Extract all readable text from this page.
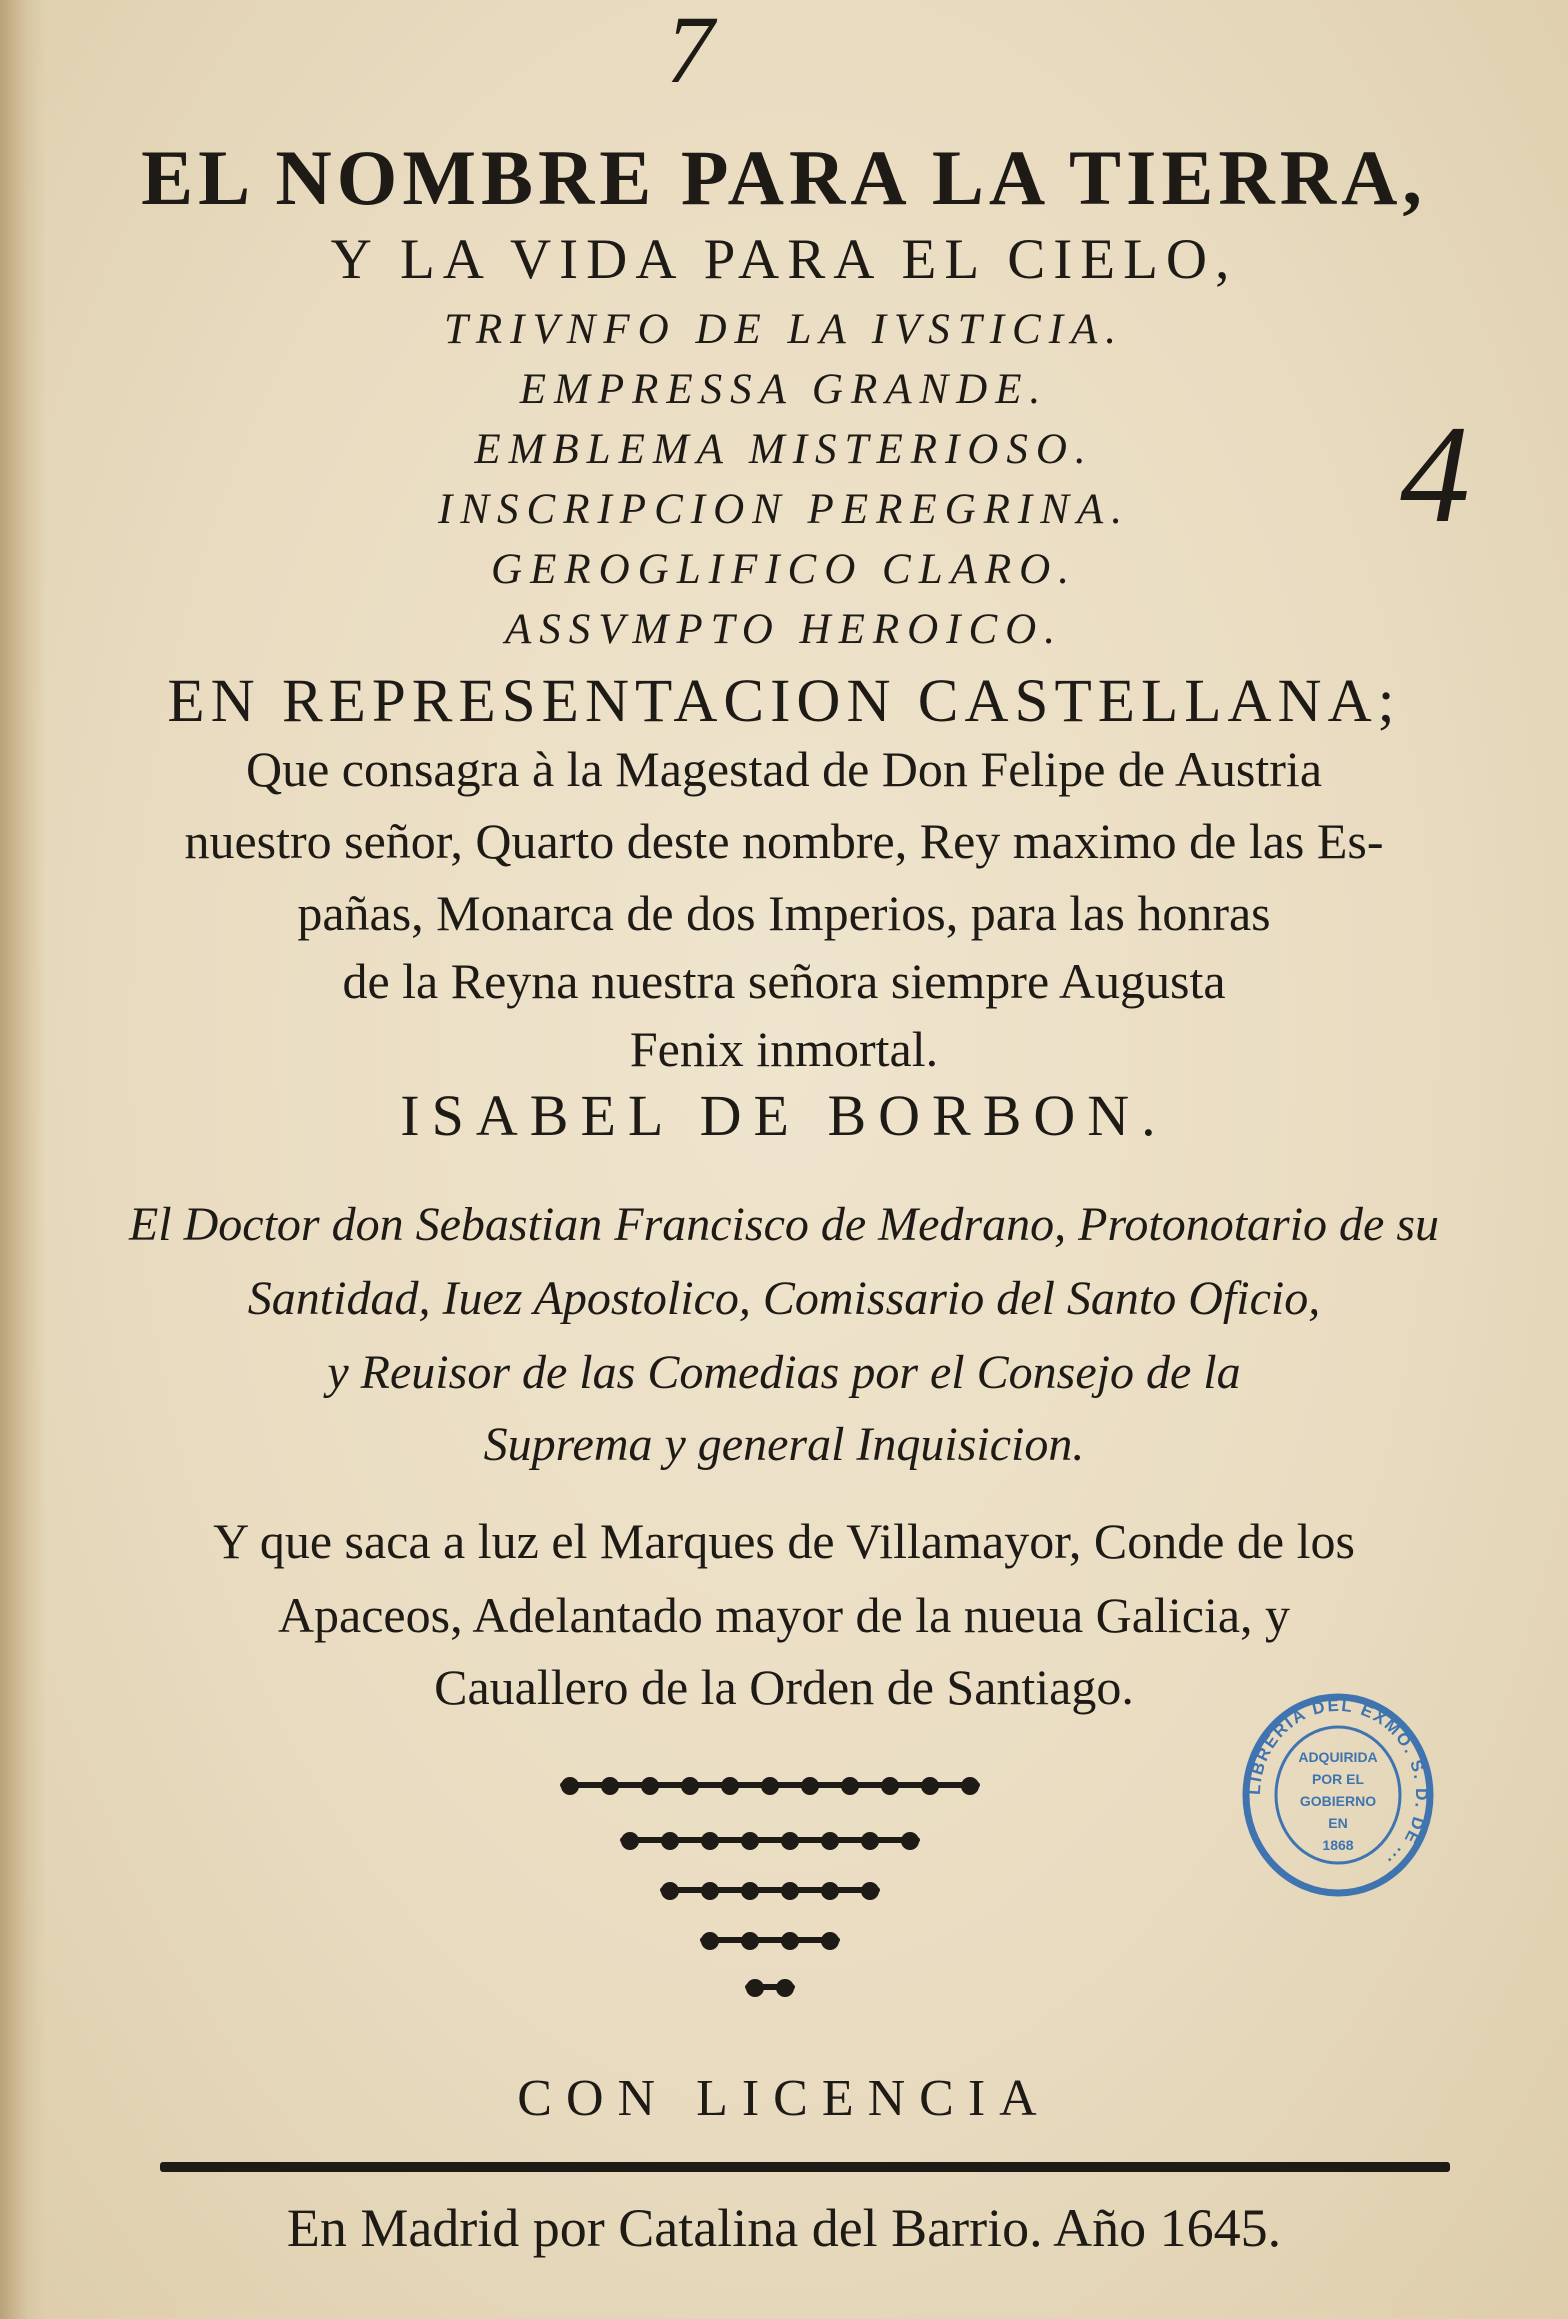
7
4
EL NOMBRE PARA LA TIERRA,
Y LA VIDA PARA EL CIELO,
TRIVNFO DE LA IVSTICIA.
EMPRESSA GRANDE.
EMBLEMA MISTERIOSO.
INSCRIPCION PEREGRINA.
GEROGLIFICO CLARO.
ASSVMPTO HEROICO.
EN REPRESENTACION CASTELLANA;
Que consagra à la Magestad de Don Felipe de Austria
nuestro señor, Quarto deste nombre, Rey maximo de las Es-
pañas, Monarca de dos Imperios, para las honras
de la Reyna nuestra señora siempre Augusta
Fenix inmortal.
ISABEL DE BORBON.
El Doctor don Sebastian Francisco de Medrano, Protonotario de su
Santidad, Iuez Apostolico, Comissario del Santo Oficio,
y Reuisor de las Comedias por el Consejo de la
Suprema y general Inquisicion.
Y que saca a luz el Marques de Villamayor, Conde de los
Apaceos, Adelantado mayor de la nueua Galicia, y
Cauallero de la Orden de Santiago.
LIBRERIA DEL EXMO. S. D. DE ...
ADQUIRIDA
POR EL
GOBIERNO
EN
1868
CON LICENCIA
En Madrid por Catalina del Barrio. Año 1645.
